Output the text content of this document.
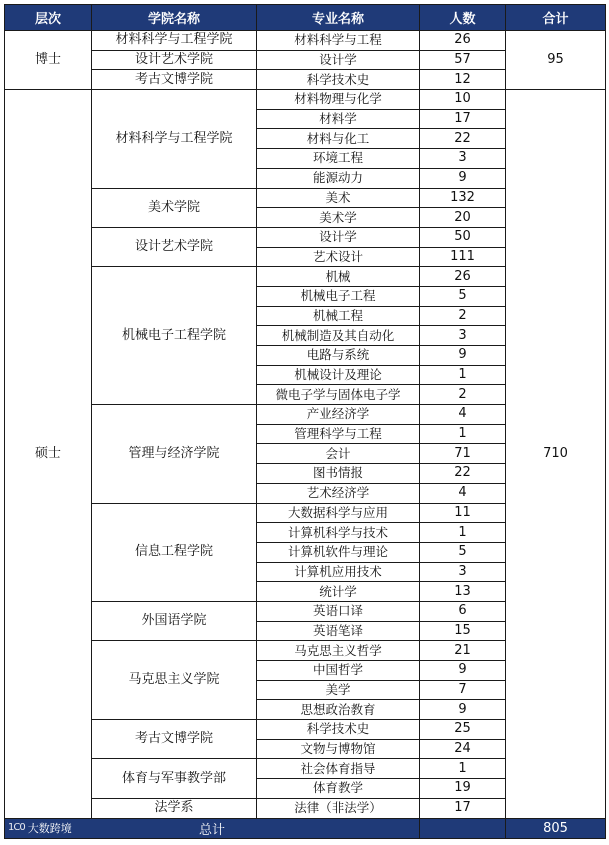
层次	学院名称	专业名称	人数	合计
博士	材料科学与工程学院	材料科学与工程	26	95
	设计艺术学院	设计学	57	
	考古文博学院	科学技术史	12	
硕士	材料科学与工程学院	材料物理与化学	10	710
		材料学	17	
		材料与化工	22	
		环境工程	3	
		能源动力	9	
	美术学院	美术	132	
		美术学	20	
	设计艺术学院	设计学	50	
		艺术设计	111	
	机械电子工程学院	机械	26	
		机械电子工程	5	
		机械工程	2	
		机械制造及其自动化	3	
		电路与系统	9	
		机械设计及理论	1	
		微电子学与固体电子学	2	
	管理与经济学院	产业经济学	4	
		管理科学与工程	1	
		会计	71	
		图书情报	22	
		艺术经济学	4	
	信息工程学院	大数据科学与应用	11	
		计算机科学与技术	1	
		计算机软件与理论	5	
		计算机应用技术	3	
		统计学	13	
	外国语学院	英语口译	6	
		英语笔译	15	
	马克思主义学院	马克思主义哲学	21	
		中国哲学	9	
		美学	7	
		思想政治教育	9	
	考古文博学院	科学技术史	25	
		文物与博物馆	24	
	体育与军事教学部	社会体育指导	1	
		体育教学	19	
	法学系	法律（非法学）	17	

1C0 大数跨境 总计				805
